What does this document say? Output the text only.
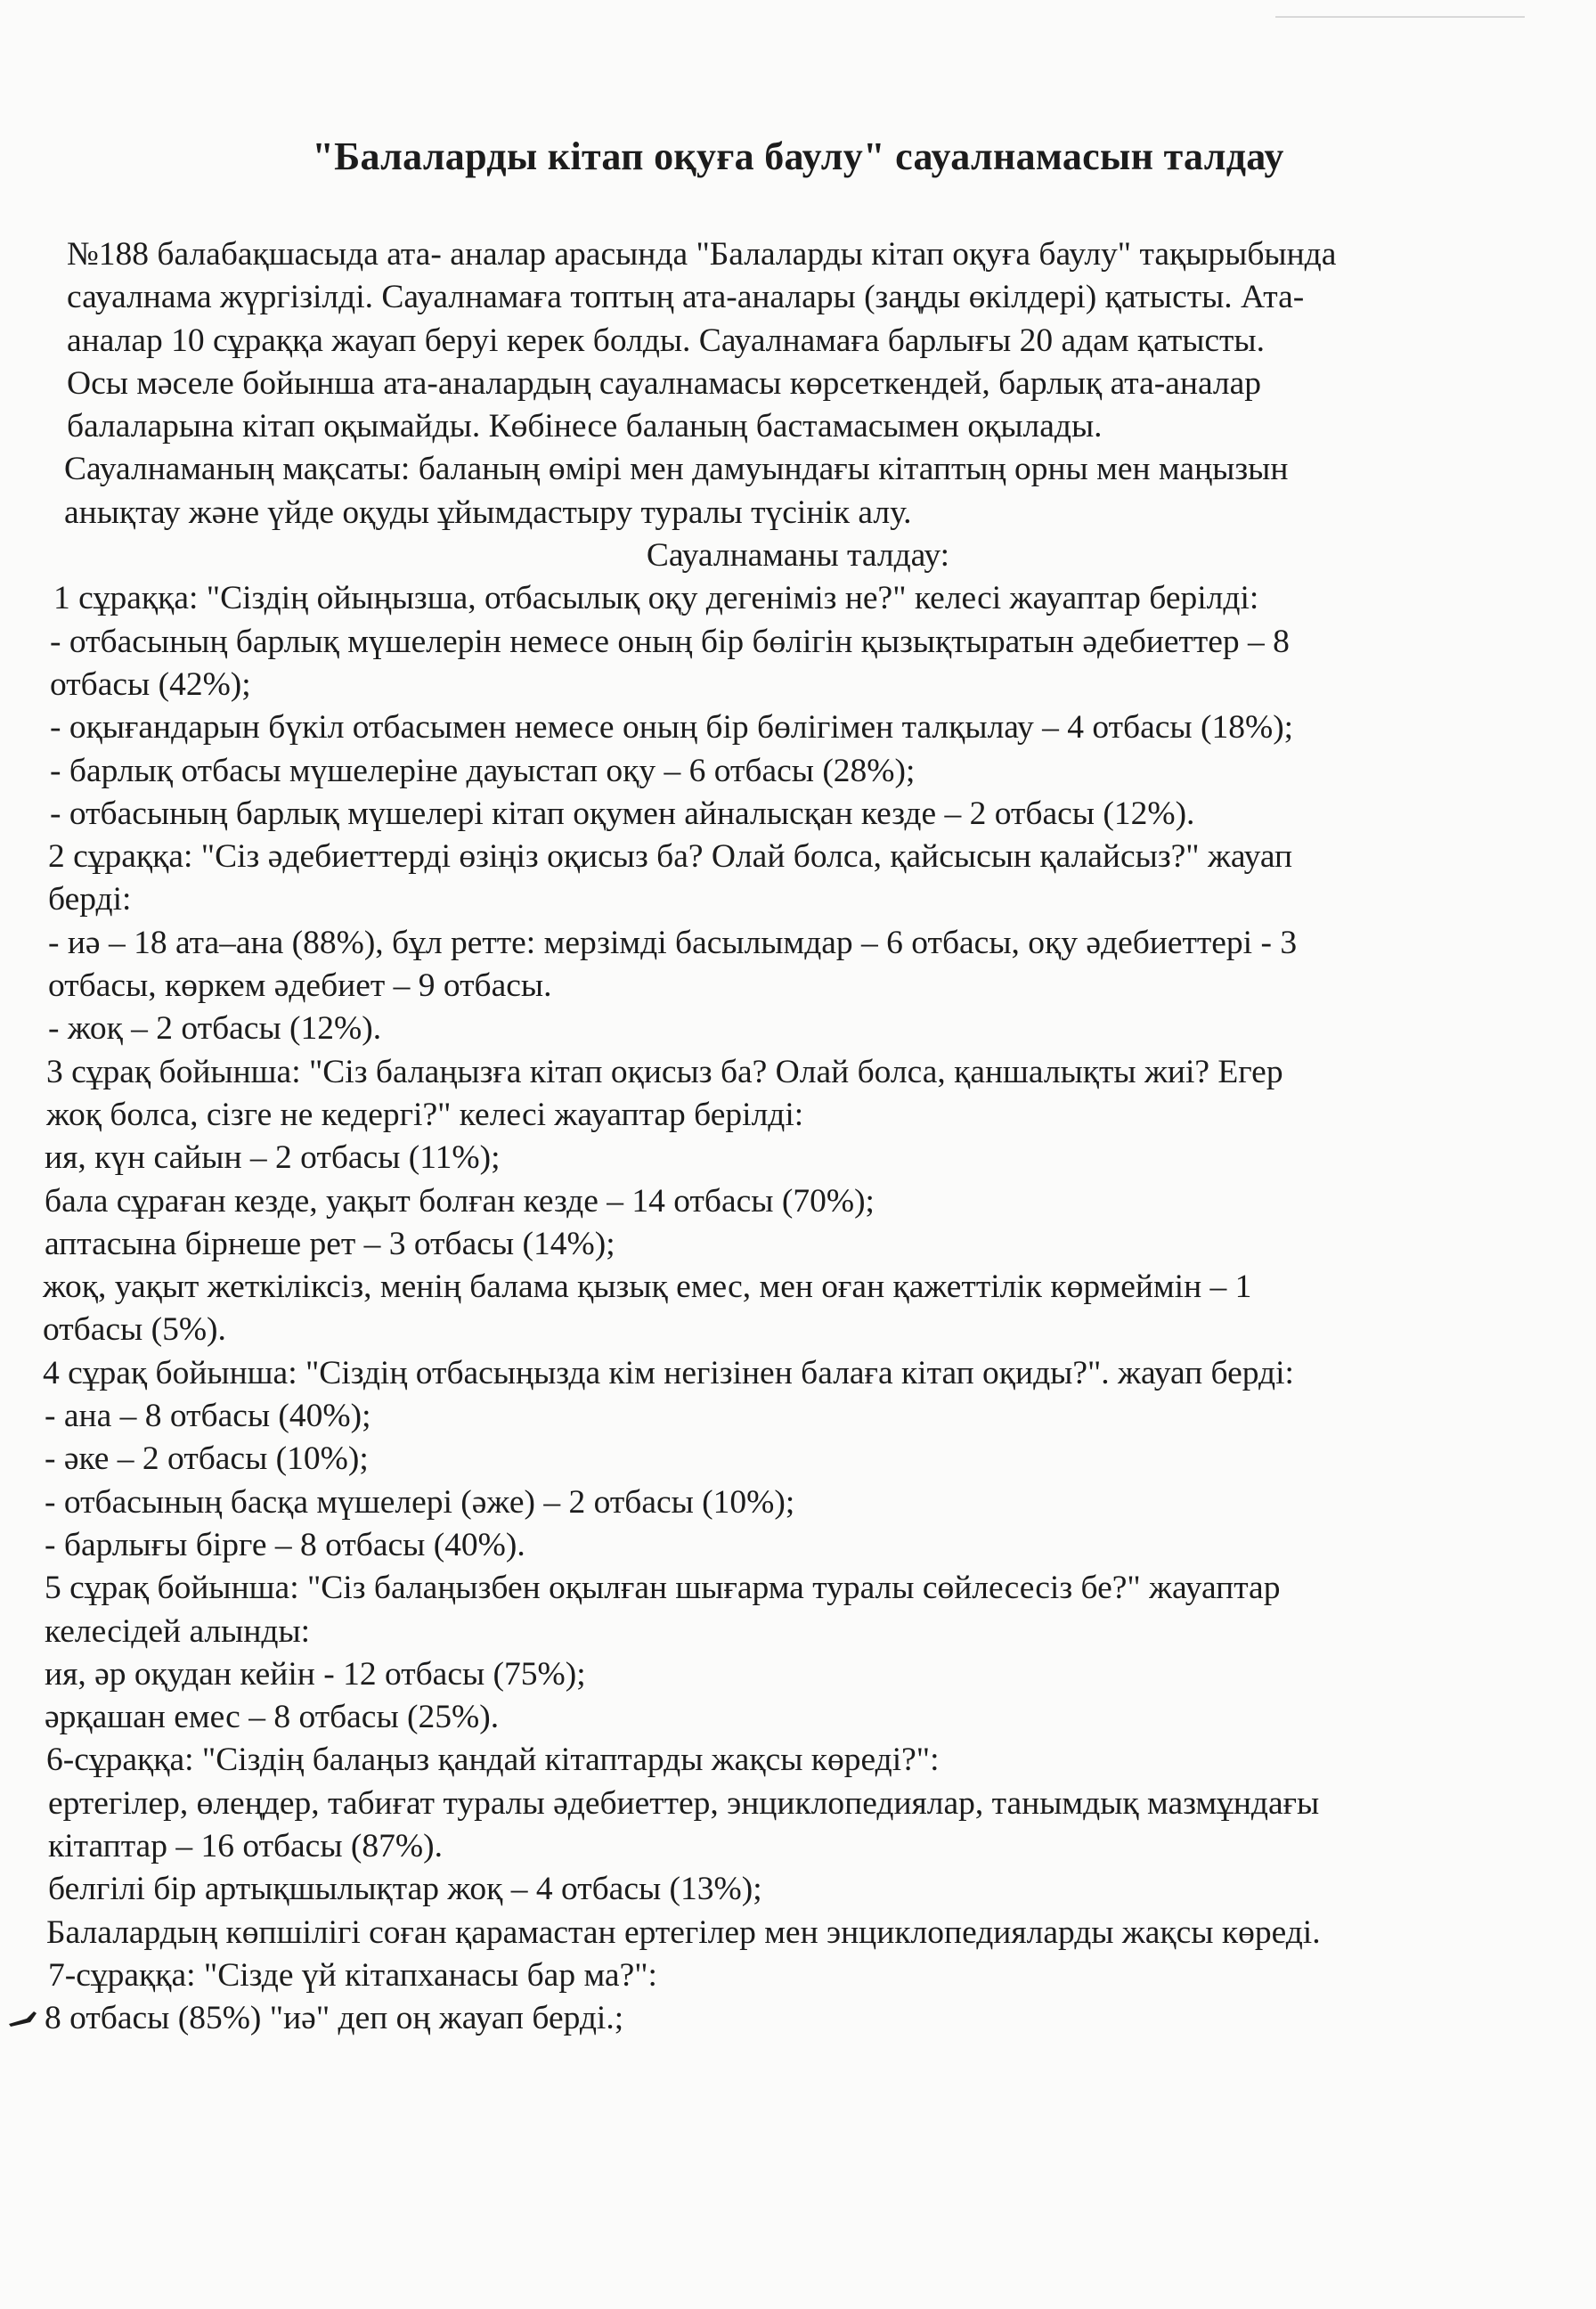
"Балаларды кітап оқуға баулу" сауалнамасын талдау
№188 балабақшасыда ата- аналар арасында "Балаларды кітап оқуға баулу" тақырыбында
сауалнама жүргізілді. Сауалнамаға топтың ата-аналары (заңды өкілдері) қатысты. Ата-
аналар 10 сұраққа жауап беруі керек болды. Сауалнамаға барлығы 20 адам қатысты.
Осы мәселе бойынша ата-аналардың сауалнамасы көрсеткендей, барлық ата-аналар
балаларына кітап оқымайды. Көбінесе баланың бастамасымен оқылады.
Сауалнаманың мақсаты: баланың өмірі мен дамуындағы кітаптың орны мен маңызын
анықтау және үйде оқуды ұйымдастыру туралы түсінік алу.
Сауалнаманы талдау:
1 сұраққа: "Сіздің ойыңызша, отбасылық оқу дегеніміз не?" келесі жауаптар берілді:
- отбасының барлық мүшелерін немесе оның бір бөлігін қызықтыратын әдебиеттер – 8
отбасы (42%);
- оқығандарын бүкіл отбасымен немесе оның бір бөлігімен талқылау – 4 отбасы (18%);
- барлық отбасы мүшелеріне дауыстап оқу – 6 отбасы (28%);
- отбасының барлық мүшелері кітап оқумен айналысқан кезде – 2 отбасы (12%).
2 сұраққа: "Сіз әдебиеттерді өзіңіз оқисыз ба? Олай болса, қайсысын қалайсыз?" жауап
берді:
- иә – 18 ата–ана (88%), бұл ретте: мерзімді басылымдар – 6 отбасы, оқу әдебиеттері - 3
отбасы, көркем әдебиет – 9 отбасы.
- жоқ – 2 отбасы (12%).
3 сұрақ бойынша: "Сіз балаңызға кітап оқисыз ба? Олай болса, қаншалықты жиі? Егер
жоқ болса, сізге не кедергі?" келесі жауаптар берілді:
ия, күн сайын – 2 отбасы (11%);
бала сұраған кезде, уақыт болған кезде – 14 отбасы (70%);
аптасына бірнеше рет – 3 отбасы (14%);
жоқ, уақыт жеткіліксіз, менің балама қызық емес, мен оған қажеттілік көрмеймін – 1
отбасы (5%).
4 сұрақ бойынша: "Сіздің отбасыңызда кім негізінен балаға кітап оқиды?". жауап берді:
- ана – 8 отбасы (40%);
- әке – 2 отбасы (10%);
- отбасының басқа мүшелері (әже) – 2 отбасы (10%);
- барлығы бірге – 8 отбасы (40%).
5 сұрақ бойынша: "Сіз балаңызбен оқылған шығарма туралы сөйлесесіз бе?" жауаптар
келесідей алынды:
ия, әр оқудан кейін - 12 отбасы (75%);
әрқашан емес – 8 отбасы (25%).
6-сұраққа: "Сіздің балаңыз қандай кітаптарды жақсы көреді?":
ертегілер, өлеңдер, табиғат туралы әдебиеттер, энциклопедиялар, танымдық мазмұндағы
кітаптар – 16 отбасы (87%).
белгілі бір артықшылықтар жоқ – 4 отбасы (13%);
Балалардың көпшілігі соған қарамастан ертегілер мен энциклопедияларды жақсы көреді.
7-сұраққа: "Сізде үй кітапханасы бар ма?":
8 отбасы (85%) "иә" деп оң жауап берді.;
